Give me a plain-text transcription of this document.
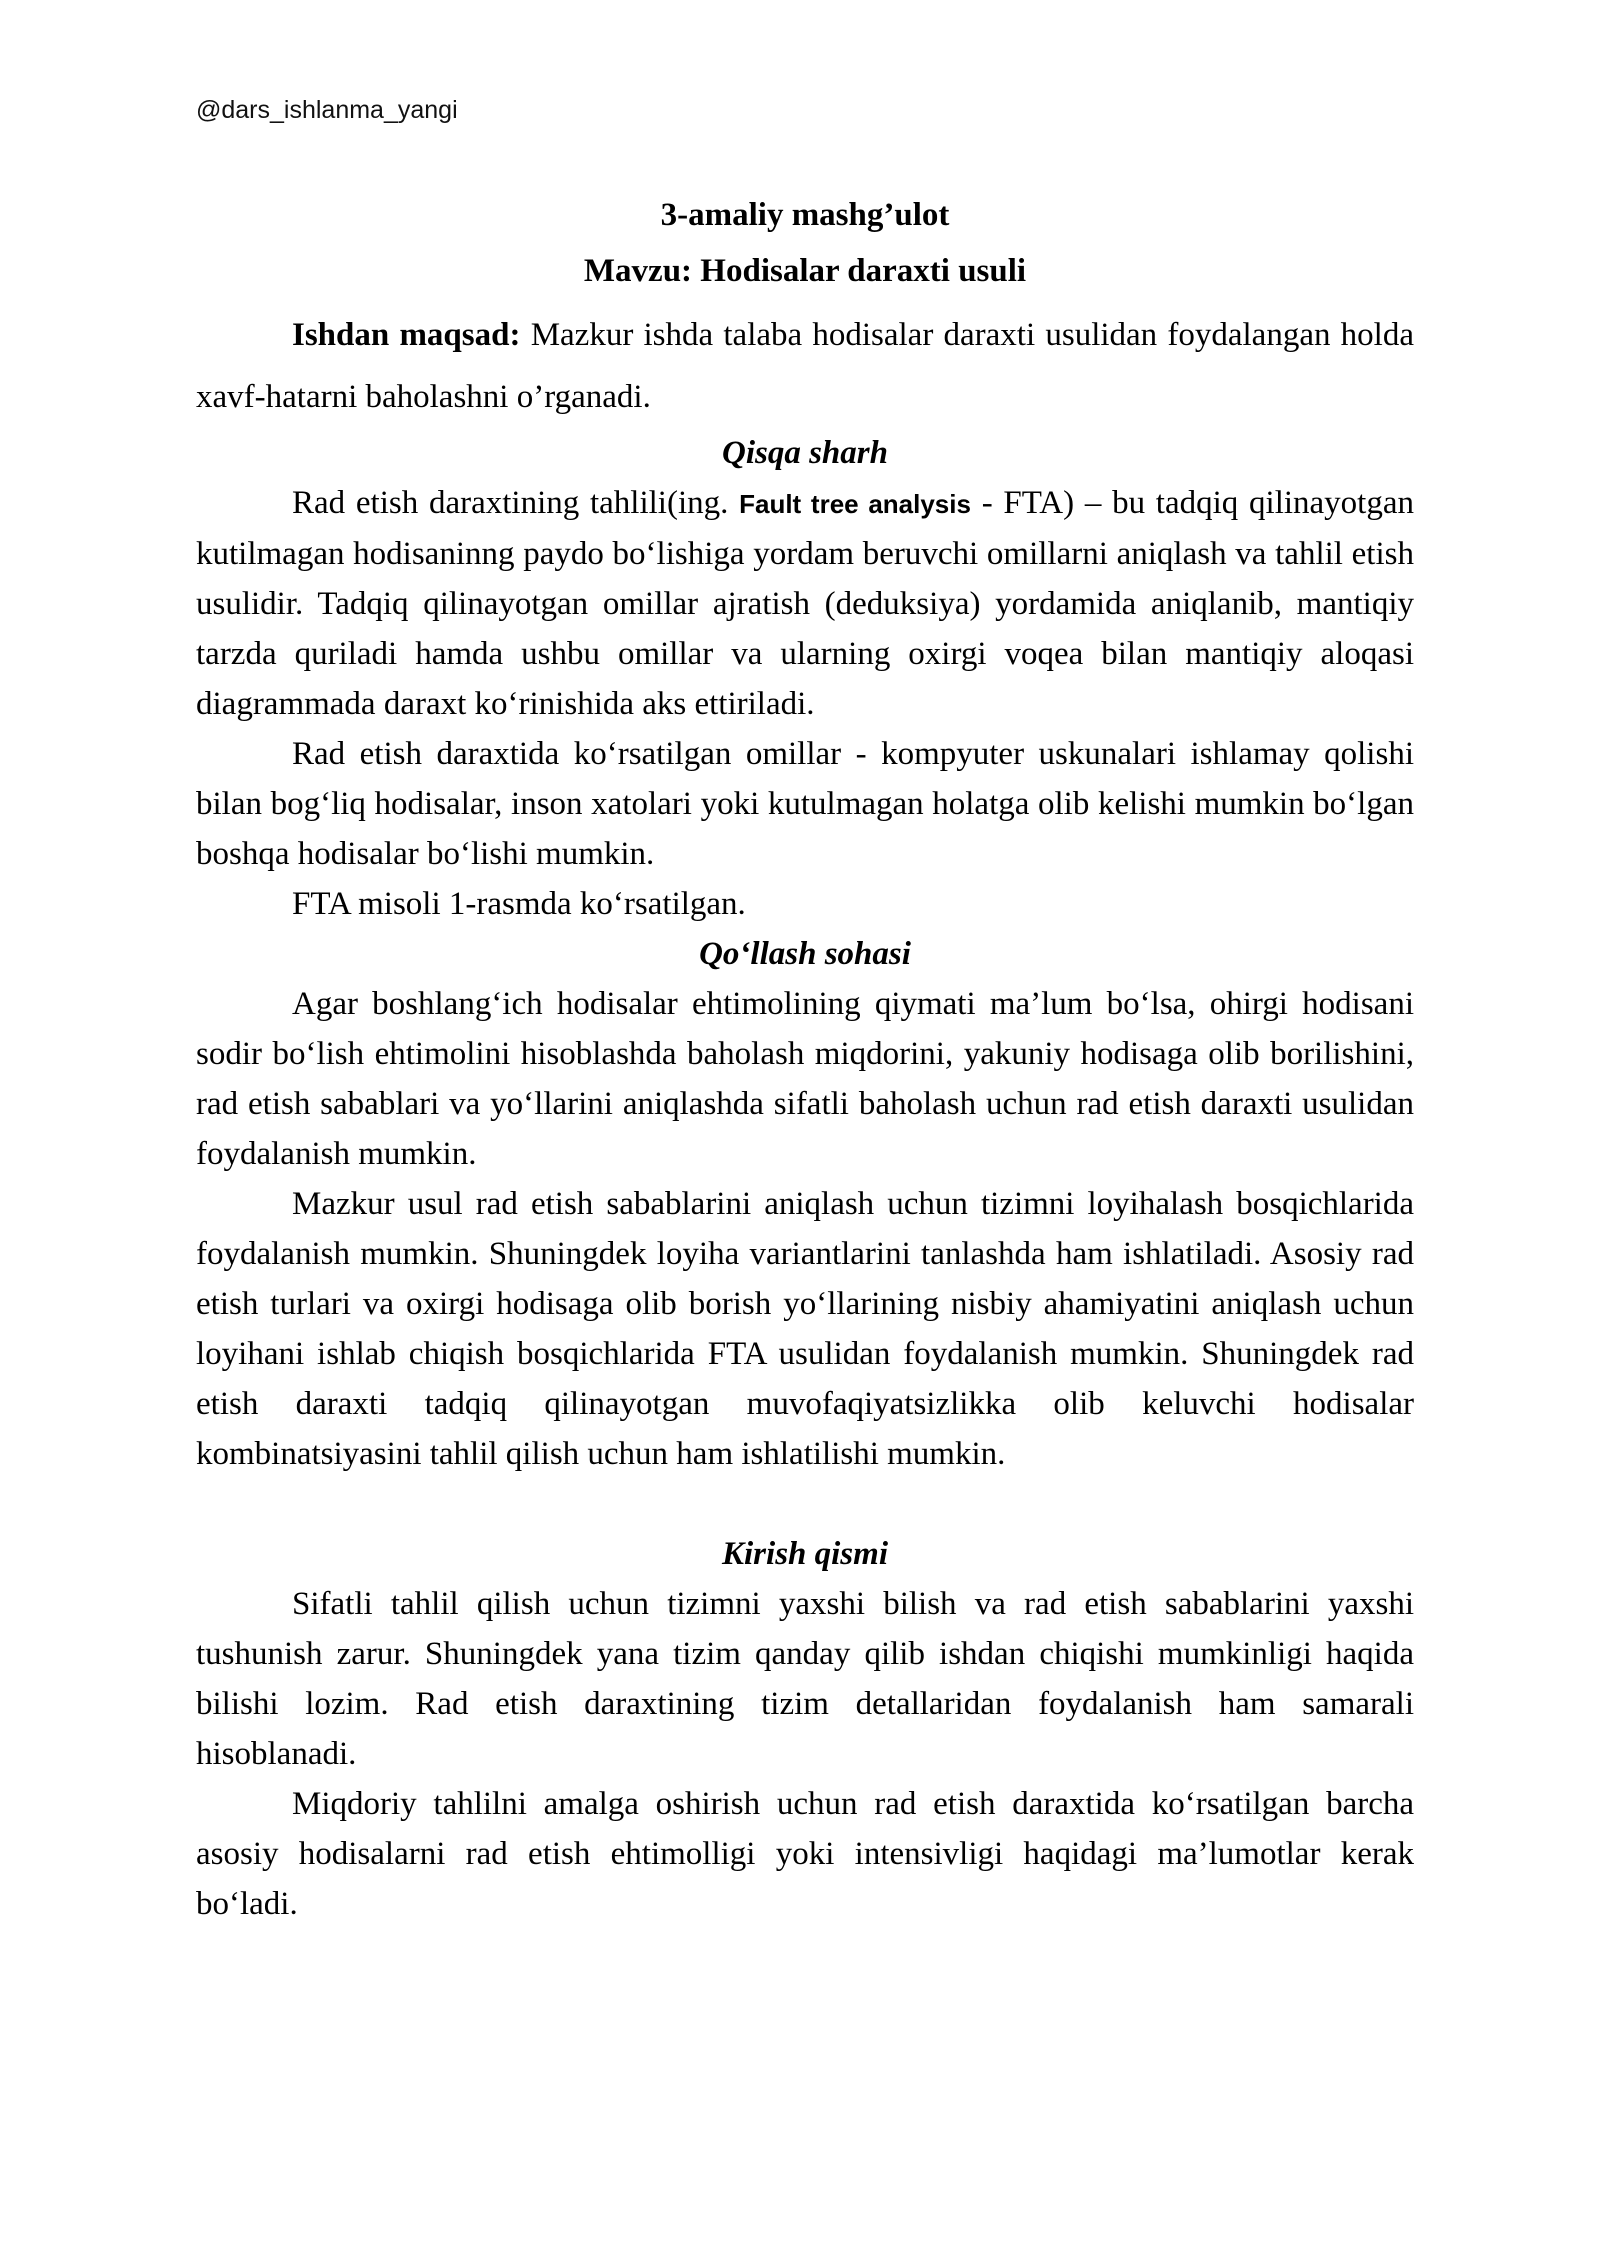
@dars_ishlanma_yangi

3-amaliy mashg’ulot

Mavzu: Hodisalar daraxti usuli

Ishdan maqsad: Mazkur ishda talaba hodisalar daraxti usulidan foydalangan holda xavf-hatarni baholashni o’rganadi.

Qisqa sharh

Rad etish daraxtining tahlili(ing. Fault tree analysis - FTA) – bu tadqiq qilinayotgan kutilmagan hodisaninng paydo bo‘lishiga yordam beruvchi omillarni aniqlash va tahlil etish usulidir. Tadqiq qilinayotgan omillar ajratish (deduksiya) yordamida aniqlanib, mantiqiy tarzda quriladi hamda ushbu omillar va ularning oxirgi voqea bilan mantiqiy aloqasi diagrammada daraxt ko‘rinishida aks ettiriladi.

Rad etish daraxtida ko‘rsatilgan omillar - kompyuter uskunalari ishlamay qolishi bilan bog‘liq hodisalar, inson xatolari yoki kutulmagan holatga olib kelishi mumkin bo‘lgan boshqa hodisalar bo‘lishi mumkin.

FTA misoli 1-rasmda ko‘rsatilgan.

Qo‘llash sohasi

Agar boshlang‘ich hodisalar ehtimolining qiymati ma’lum bo‘lsa, ohirgi hodisani sodir bo‘lish ehtimolini hisoblashda baholash miqdorini, yakuniy hodisaga olib borilishini, rad etish sabablari va yo‘llarini aniqlashda sifatli baholash uchun rad etish daraxti usulidan foydalanish mumkin.

Mazkur usul rad etish sabablarini aniqlash uchun tizimni loyihalash bosqichlarida foydalanish mumkin. Shuningdek loyiha variantlarini tanlashda ham ishlatiladi. Asosiy rad etish turlari va oxirgi hodisaga olib borish yo‘llarining nisbiy ahamiyatini aniqlash uchun loyihani ishlab chiqish bosqichlarida FTA usulidan foydalanish mumkin. Shuningdek rad etish daraxti tadqiq qilinayotgan muvofaqiyatsizlikka olib keluvchi hodisalar kombinatsiyasini tahlil qilish uchun ham ishlatilishi mumkin.

Kirish qismi

Sifatli tahlil qilish uchun tizimni yaxshi bilish va rad etish sabablarini yaxshi tushunish zarur. Shuningdek yana tizim qanday qilib ishdan chiqishi mumkinligi haqida bilishi lozim. Rad etish daraxtining tizim detallaridan foydalanish ham samarali hisoblanadi.

Miqdoriy tahlilni amalga oshirish uchun rad etish daraxtida ko‘rsatilgan barcha asosiy hodisalarni rad etish ehtimolligi yoki intensivligi haqidagi ma’lumotlar kerak bo‘ladi.
